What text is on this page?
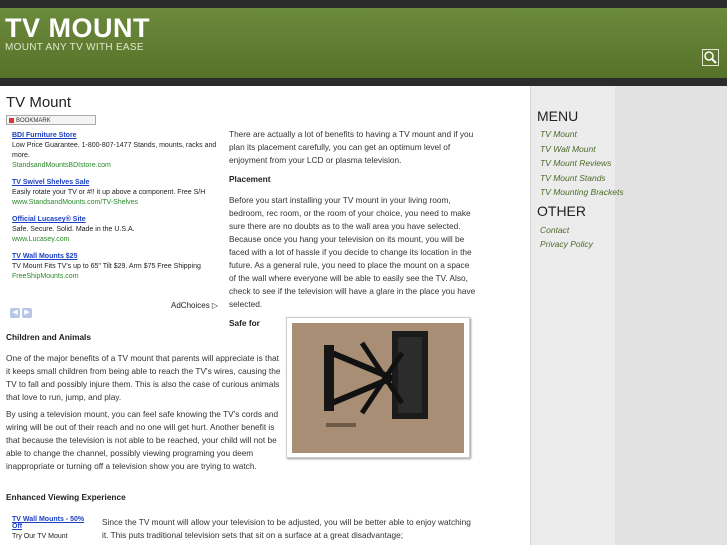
TV MOUNT
MOUNT ANY TV WITH EASE
TV Mount
BOOKMARK
BDI Furniture Store
Low Price Guarantee. 1-800-807-1477 Stands, mounts, racks and more.
StandsandMountsBDIstore.com
TV Swivel Shelves Sale
Easily rotate your TV or #!! it up above a component. Free S/H
www.StandsandMounts.com/TV-Shelves
Official Lucasey® Site
Safe. Secure. Solid. Made in the U.S.A.
www.Lucasey.com
TV Wall Mounts $25
TV Mount Fits TV's up to 65" Tilt $29. Arm $75 Free Shipping
FreeShipMounts.com
◀ ▶
AdChoices ▷
There are actually a lot of benefits to having a TV mount and if you plan its placement carefully, you can get an optimum level of enjoyment from your LCD or plasma television.
Placement
Before you start installing your TV mount in your living room, bedroom, rec room, or the room of your choice, you need to make sure there are no doubts as to the wall area you have selected. Because once you hang your television on its mount, you will be faced with a lot of hassle if you decide to change its location in the future. As a general rule, you need to place the mount on a space of the wall where everyone will be able to easily see the TV. Also, check to see if the television will have a glare in the place you have selected.
Safe for
Children and Animals
One of the major benefits of a TV mount that parents will appreciate is that it keeps small children from being able to reach the TV's wires, causing the TV to fall and possibly injure them. This is also the case of curious animals that love to run, jump, and play.
By using a television mount, you can feel safe knowing the TV's cords and wiring will be out of their reach and no one will get hurt. Another benefit is that because the television is not able to be reached, your child will not be able to change the channel, possibly viewing programing you deem inappropriate or turning off a television show you are trying to watch.
Enhanced Viewing Experience
TV Wall Mounts - 50% Off
Try Our TV Mount
Since the TV mount will allow your television to be adjusted, you will be better able to enjoy watching it. This puts traditional television sets that sit on a surface at a great disadvantage;
MENU
TV Mount
TV Wall Mount
TV Mount Reviews
TV Mount Stands
TV Mounting Brackets
OTHER
Contact
Privacy Policy
